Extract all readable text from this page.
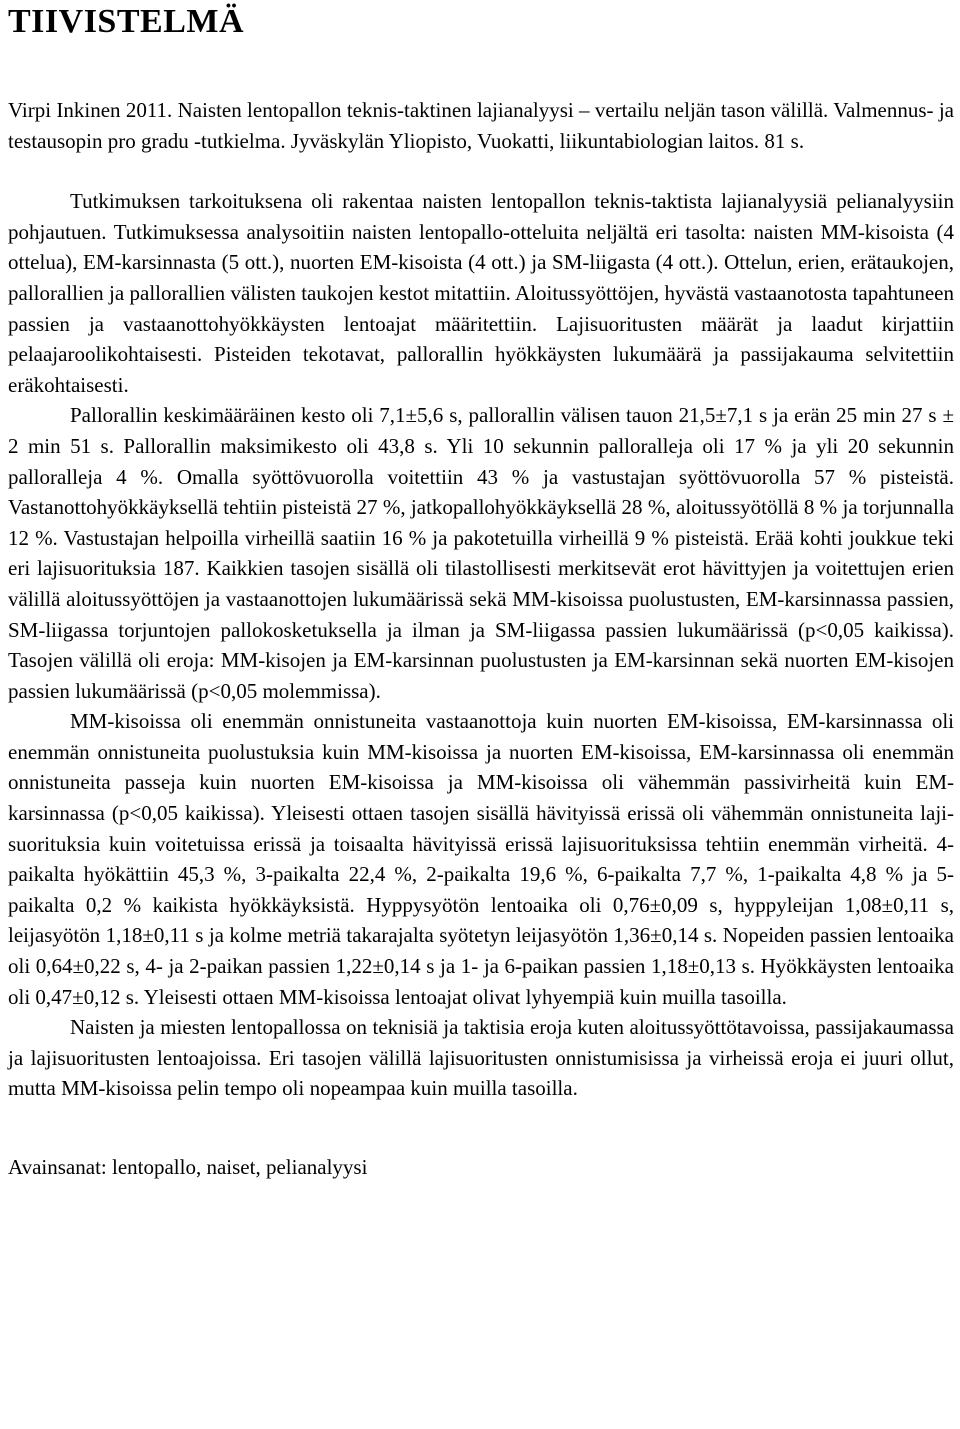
TIIVISTELMÄ

Virpi Inkinen 2011. Naisten lentopallon teknis-taktinen lajianalyysi – vertailu neljän tason välillä. Valmennus- ja testausopin pro gradu -tutkielma. Jyväskylän Yliopisto, Vuokatti, liikuntabiologian laitos. 81 s.

Tutkimuksen tarkoituksena oli rakentaa naisten lentopallon teknis-taktista lajianalyysiä pelianalyysiin pohjautuen. Tutkimuksessa analysoitiin naisten lentopallo-otteluita neljältä eri tasolta: naisten MM-kisoista (4 ottelua), EM-karsinnasta (5 ott.), nuorten EM-kisoista (4 ott.) ja SM-liigasta (4 ott.). Ottelun, erien, erätaukojen, pallorallien ja pallorallien välisten taukojen kestot mitattiin. Aloitussyöttöjen, hyvästä vastaanotosta tapahtuneen passien ja vastaanottohyökkäysten lentoajat määritettiin. Lajisuoritusten määrät ja laadut kirjattiin pelaajaroolikohtaisesti. Pisteiden tekotavat, pallorallin hyökkäysten lukumäärä ja passijakauma selvitettiin eräkohtaisesti.

Pallorallin keskimääräinen kesto oli 7,1±5,6 s, pallorallin välisen tauon 21,5±7,1 s ja erän 25 min 27 s ± 2 min 51 s. Pallorallin maksimikesto oli 43,8 s. Yli 10 sekunnin palloralleja oli 17 % ja yli 20 sekunnin palloralleja 4 %. Omalla syöttövuorolla voitettiin 43 % ja vastustajan syöttövuorolla 57 % pisteistä. Vastanottohyökkäyksellä tehtiin pisteistä 27 %, jatkopallohyökkäyksellä 28 %, aloitussyötöllä 8 % ja torjunnalla 12 %. Vastustajan helpoilla virheillä saatiin 16 % ja pakotetuilla virheillä 9 % pisteistä. Erää kohti joukkue teki eri lajisuorituksia 187. Kaikkien tasojen sisällä oli tilastollisesti merkitsevät erot hävittyjen ja voitettujen erien välillä aloitussyöttöjen ja vastaanottojen lukumäärissä sekä MM-kisoissa puolustusten, EM-karsinnassa passien, SM-liigassa torjuntojen pallokosketuksella ja ilman ja SM-liigassa passien lukumäärissä (p<0,05 kaikissa). Tasojen välillä oli eroja: MM-kisojen ja EM-karsinnan puolustusten ja EM-karsinnan sekä nuorten EM-kisojen passien lukumäärissä (p<0,05 molemmissa).

MM-kisoissa oli enemmän onnistuneita vastaanottoja kuin nuorten EM-kisoissa, EM-karsinnassa oli enemmän onnistuneita puolustuksia kuin MM-kisoissa ja nuorten EM-kisoissa, EM-karsinnassa oli enemmän onnistuneita passeja kuin nuorten EM-kisoissa ja MM-kisoissa oli vähemmän passivirheitä kuin EM-karsinnassa (p<0,05 kaikissa). Yleisesti ottaen tasojen sisällä hävityissä erissä oli vähemmän onnistuneita lajisuorituksia kuin voitetuissa erissä ja toisaalta hävityissä erissä lajisuorituksissa tehtiin enemmän virheitä. 4-paikalta hyökättiin 45,3 %, 3-paikalta 22,4 %, 2-paikalta 19,6 %, 6-paikalta 7,7 %, 1-paikalta 4,8 % ja 5-paikalta 0,2 % kaikista hyökkäyksistä. Hyppysyötön lentoaika oli 0,76±0,09 s, hyppyleijan 1,08±0,11 s, leijasyötön 1,18±0,11 s ja kolme metriä takarajalta syötetyn leijasyötön 1,36±0,14 s. Nopeiden passien lentoaika oli 0,64±0,22 s, 4- ja 2-paikan passien 1,22±0,14 s ja 1- ja 6-paikan passien 1,18±0,13 s. Hyökkäysten lentoaika oli 0,47±0,12 s. Yleisesti ottaen MM-kisoissa lentoajat olivat lyhyempiä kuin muilla tasoilla.

Naisten ja miesten lentopallossa on teknisiä ja taktisia eroja kuten aloitussyöttötavoissa, passijakaumassa ja lajisuoritusten lentoajoissa. Eri tasojen välillä lajisuoritusten onnistumisissa ja virheissä eroja ei juuri ollut, mutta MM-kisoissa pelin tempo oli nopeampaa kuin muilla tasoilla.

Avainsanat: lentopallo, naiset, pelianalyysi
